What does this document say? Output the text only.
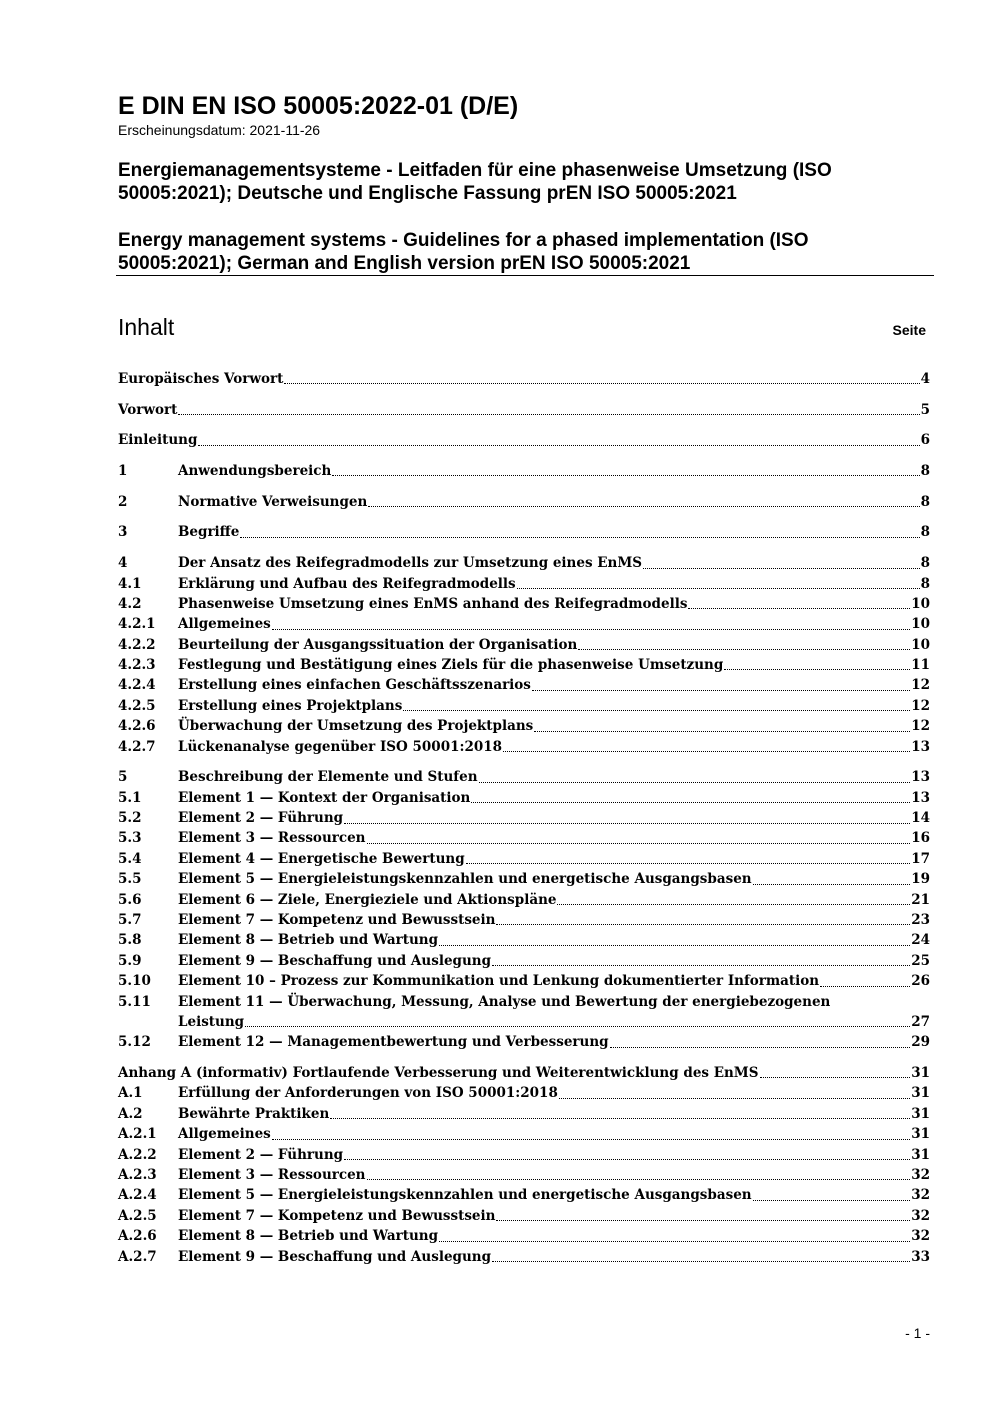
E DIN EN ISO 50005:2022-01 (D/E)
Erscheinungsdatum: 2021-11-26
Energiemanagementsysteme - Leitfaden für eine phasenweise Umsetzung (ISO 50005:2021); Deutsche und Englische Fassung prEN ISO 50005:2021
Energy management systems - Guidelines for a phased implementation (ISO 50005:2021); German and English version prEN ISO 50005:2021
Inhalt	Seite
Europäisches Vorwort	4
Vorwort	5
Einleitung	6
1	Anwendungsbereich	8
2	Normative Verweisungen	8
3	Begriffe	8
4	Der Ansatz des Reifegradmodells zur Umsetzung eines EnMS	8
4.1	Erklärung und Aufbau des Reifegradmodells	8
4.2	Phasenweise Umsetzung eines EnMS anhand des Reifegradmodells	10
4.2.1	Allgemeines	10
4.2.2	Beurteilung der Ausgangssituation der Organisation	10
4.2.3	Festlegung und Bestätigung eines Ziels für die phasenweise Umsetzung	11
4.2.4	Erstellung eines einfachen Geschäftsszenarios	12
4.2.5	Erstellung eines Projektplans	12
4.2.6	Überwachung der Umsetzung des Projektplans	12
4.2.7	Lückenanalyse gegenüber ISO 50001:2018	13
5	Beschreibung der Elemente und Stufen	13
5.1	Element 1 — Kontext der Organisation	13
5.2	Element 2 — Führung	14
5.3	Element 3 — Ressourcen	16
5.4	Element 4 — Energetische Bewertung	17
5.5	Element 5 — Energieleistungskennzahlen und energetische Ausgangsbasen	19
5.6	Element 6 — Ziele, Energieziele und Aktionspläne	21
5.7	Element 7 — Kompetenz und Bewusstsein	23
5.8	Element 8 — Betrieb und Wartung	24
5.9	Element 9 — Beschaffung und Auslegung	25
5.10	Element 10 – Prozess zur Kommunikation und Lenkung dokumentierter Information	26
5.11	Element 11 — Überwachung, Messung, Analyse und Bewertung der energiebezogenen
Leistung	27
5.12	Element 12 — Managementbewertung und Verbesserung	29
Anhang A (informativ) Fortlaufende Verbesserung und Weiterentwicklung des EnMS	31
A.1	Erfüllung der Anforderungen von ISO 50001:2018	31
A.2	Bewährte Praktiken	31
A.2.1	Allgemeines	31
A.2.2	Element 2 — Führung	31
A.2.3	Element 3 — Ressourcen	32
A.2.4	Element 5 — Energieleistungskennzahlen und energetische Ausgangsbasen	32
A.2.5	Element 7 — Kompetenz und Bewusstsein	32
A.2.6	Element 8 — Betrieb und Wartung	32
A.2.7	Element 9 — Beschaffung und Auslegung	33
- 1 -
